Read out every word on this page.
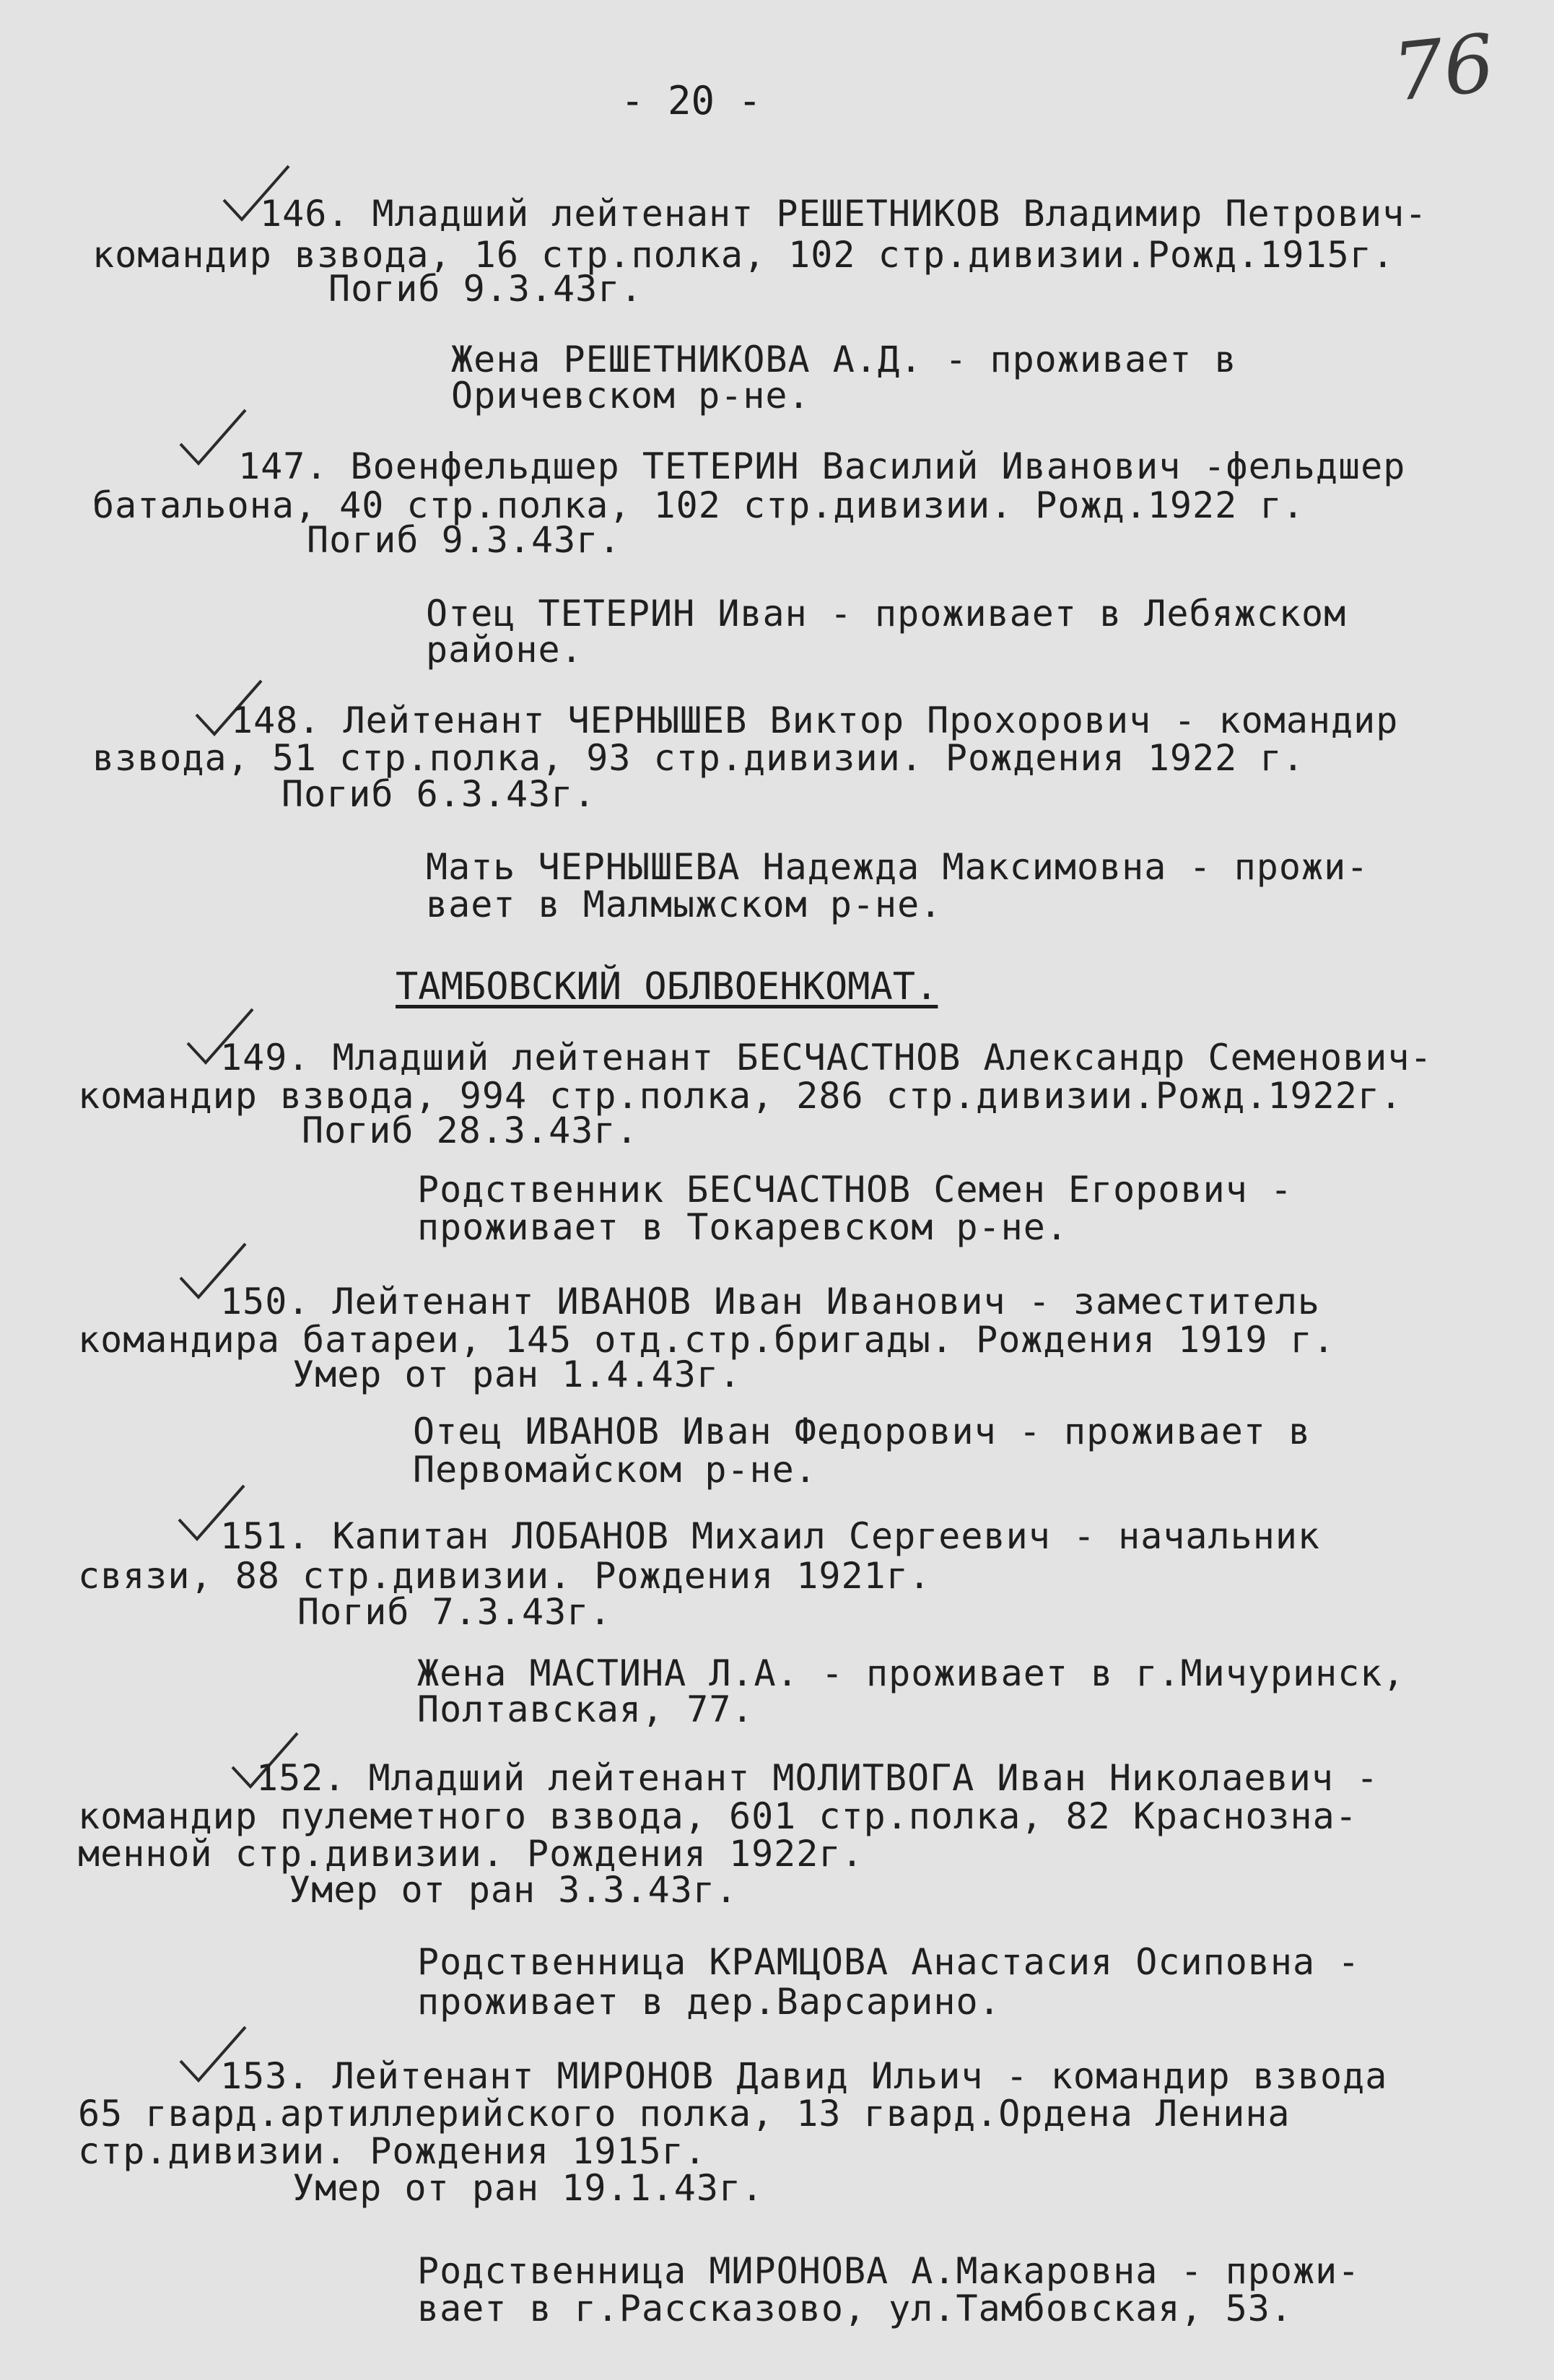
- 20 -	76
146. Младший лейтенант РЕШЕТНИКОВ Владимир Петрович-
командир взвода, 16 стр.полка, 102 стр.дивизии.Рожд.1915г.
Погиб 9.3.43г.
Жена РЕШЕТНИКОВА А.Д. - проживает в
Оричевском р-не.
147. Военфельдшер ТЕТЕРИН Василий Иванович -фельдшер
батальона, 40 стр.полка, 102 стр.дивизии. Рожд.1922 г.
Погиб 9.3.43г.
Отец ТЕТЕРИН Иван - проживает в Лебяжском
районе.
148. Лейтенант ЧЕРНЫШЕВ Виктор Прохорович - командир
взвода, 51 стр.полка, 93 стр.дивизии. Рождения 1922 г.
Погиб 6.3.43г.
Мать ЧЕРНЫШЕВА Надежда Максимовна - прожи-
вает в Малмыжском р-не.
ТАМБОВСКИЙ ОБЛВОЕНКОМАТ.
149. Младший лейтенант БЕСЧАСТНОВ Александр Семенович-
командир взвода, 994 стр.полка, 286 стр.дивизии.Рожд.1922г.
Погиб 28.3.43г.
Родственник БЕСЧАСТНОВ Семен Егорович -
проживает в Токаревском р-не.
150. Лейтенант ИВАНОВ Иван Иванович - заместитель
командира батареи, 145 отд.стр.бригады. Рождения 1919 г.
Умер от ран 1.4.43г.
Отец ИВАНОВ Иван Федорович - проживает в
Первомайском р-не.
151. Капитан ЛОБАНОВ Михаил Сергеевич - начальник
связи, 88 стр.дивизии. Рождения 1921г.
Погиб 7.3.43г.
Жена МАСТИНА Л.А. - проживает в г.Мичуринск,
Полтавская, 77.
152. Младший лейтенант МОЛИТВОГА Иван Николаевич -
командир пулеметного взвода, 601 стр.полка, 82 Краснозна-
менной стр.дивизии. Рождения 1922г.
Умер от ран 3.3.43г.
Родственница КРАМЦОВА Анастасия Осиповна -
проживает в дер.Варсарино.
153. Лейтенант МИРОНОВ Давид Ильич - командир взвода
65 гвард.артиллерийского полка, 13 гвард.Ордена Ленина
стр.дивизии. Рождения 1915г.
Умер от ран 19.1.43г.
Родственница МИРОНОВА А.Макаровна - прожи-
вает в г.Рассказово, ул.Тамбовская, 53.
